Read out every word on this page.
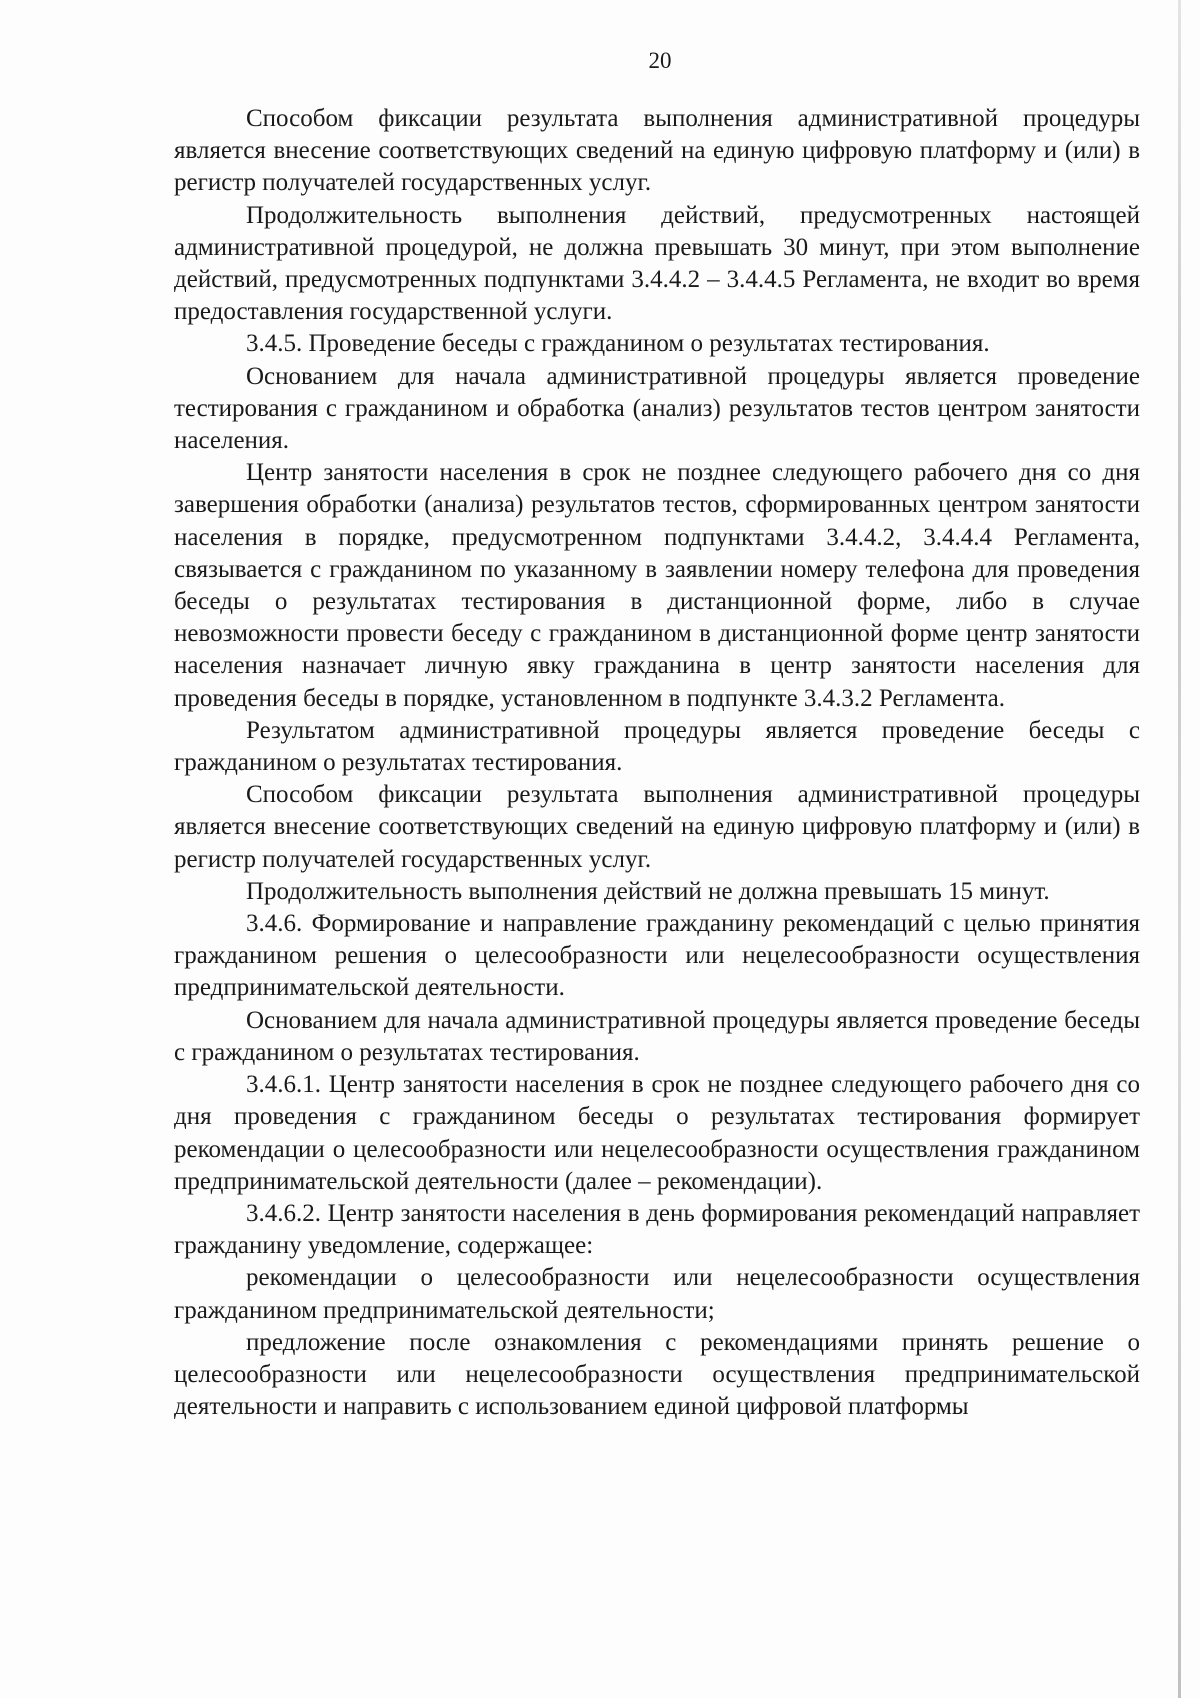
20

Способом фиксации результата выполнения административной процедуры является внесение соответствующих сведений на единую цифровую платформу и (или) в регистр получателей государственных услуг.

Продолжительность выполнения действий, предусмотренных настоящей административной процедурой, не должна превышать 30 минут, при этом выполнение действий, предусмотренных подпунктами 3.4.4.2 – 3.4.4.5 Регламента, не входит во время предоставления государственной услуги.

3.4.5. Проведение беседы с гражданином о результатах тестирования.

Основанием для начала административной процедуры является проведение тестирования с гражданином и обработка (анализ) результатов тестов центром занятости населения.

Центр занятости населения в срок не позднее следующего рабочего дня со дня завершения обработки (анализа) результатов тестов, сформированных центром занятости населения в порядке, предусмотренном подпунктами 3.4.4.2, 3.4.4.4 Регламента, связывается с гражданином по указанному в заявлении номеру телефона для проведения беседы о результатах тестирования в дистанционной форме, либо в случае невозможности провести беседу с гражданином в дистанционной форме центр занятости населения назначает личную явку гражданина в центр занятости населения для проведения беседы в порядке, установленном в подпункте 3.4.3.2 Регламента.

Результатом административной процедуры является проведение беседы с гражданином о результатах тестирования.

Способом фиксации результата выполнения административной процедуры является внесение соответствующих сведений на единую цифровую платформу и (или) в регистр получателей государственных услуг.

Продолжительность выполнения действий не должна превышать 15 минут.

3.4.6. Формирование и направление гражданину рекомендаций с целью принятия гражданином решения о целесообразности или нецелесообразности осуществления предпринимательской деятельности.

Основанием для начала административной процедуры является проведение беседы с гражданином о результатах тестирования.

3.4.6.1. Центр занятости населения в срок не позднее следующего рабочего дня со дня проведения с гражданином беседы о результатах тестирования формирует рекомендации о целесообразности или нецелесообразности осуществления гражданином предпринимательской деятельности (далее – рекомендации).

3.4.6.2. Центр занятости населения в день формирования рекомендаций направляет гражданину уведомление, содержащее:

рекомендации о целесообразности или нецелесообразности осуществления гражданином предпринимательской деятельности;

предложение после ознакомления с рекомендациями принять решение о целесообразности или нецелесообразности осуществления предпринимательской деятельности и направить с использованием единой цифровой платформы
